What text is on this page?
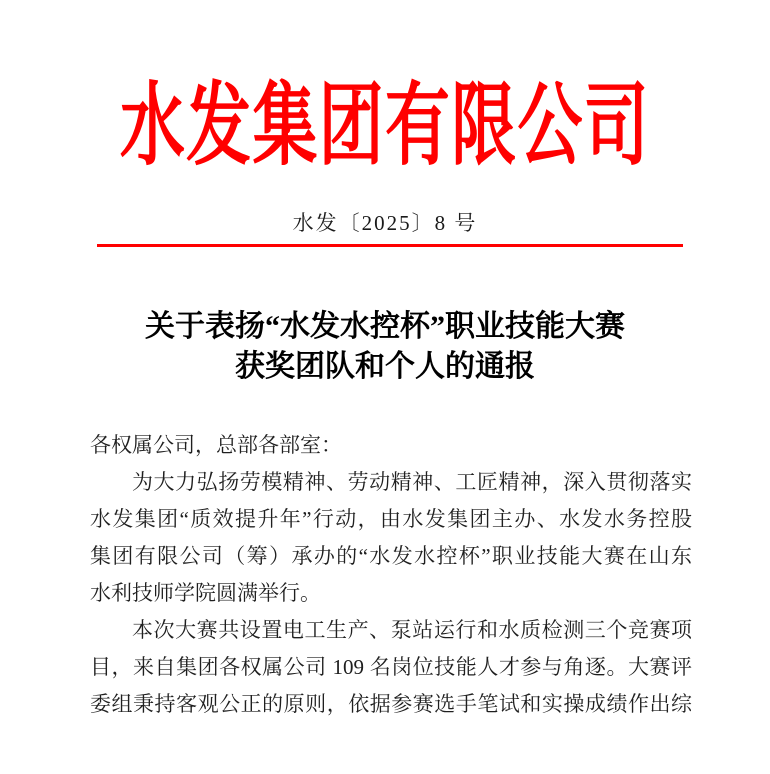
水发集团有限公司
水发〔2025〕8 号
关于表扬“水发水控杯”职业技能大赛
获奖团队和个人的通报
各权属公司，总部各部室：
为大力弘扬劳模精神、劳动精神、工匠精神，深入贯彻落实
水发集团“质效提升年”行动，由水发集团主办、水发水务控股
集团有限公司（筹）承办的“水发水控杯”职业技能大赛在山东
水利技师学院圆满举行。
本次大赛共设置电工生产、泵站运行和水质检测三个竞赛项
目，来自集团各权属公司 109 名岗位技能人才参与角逐。大赛评
委组秉持客观公正的原则，依据参赛选手笔试和实操成绩作出综
